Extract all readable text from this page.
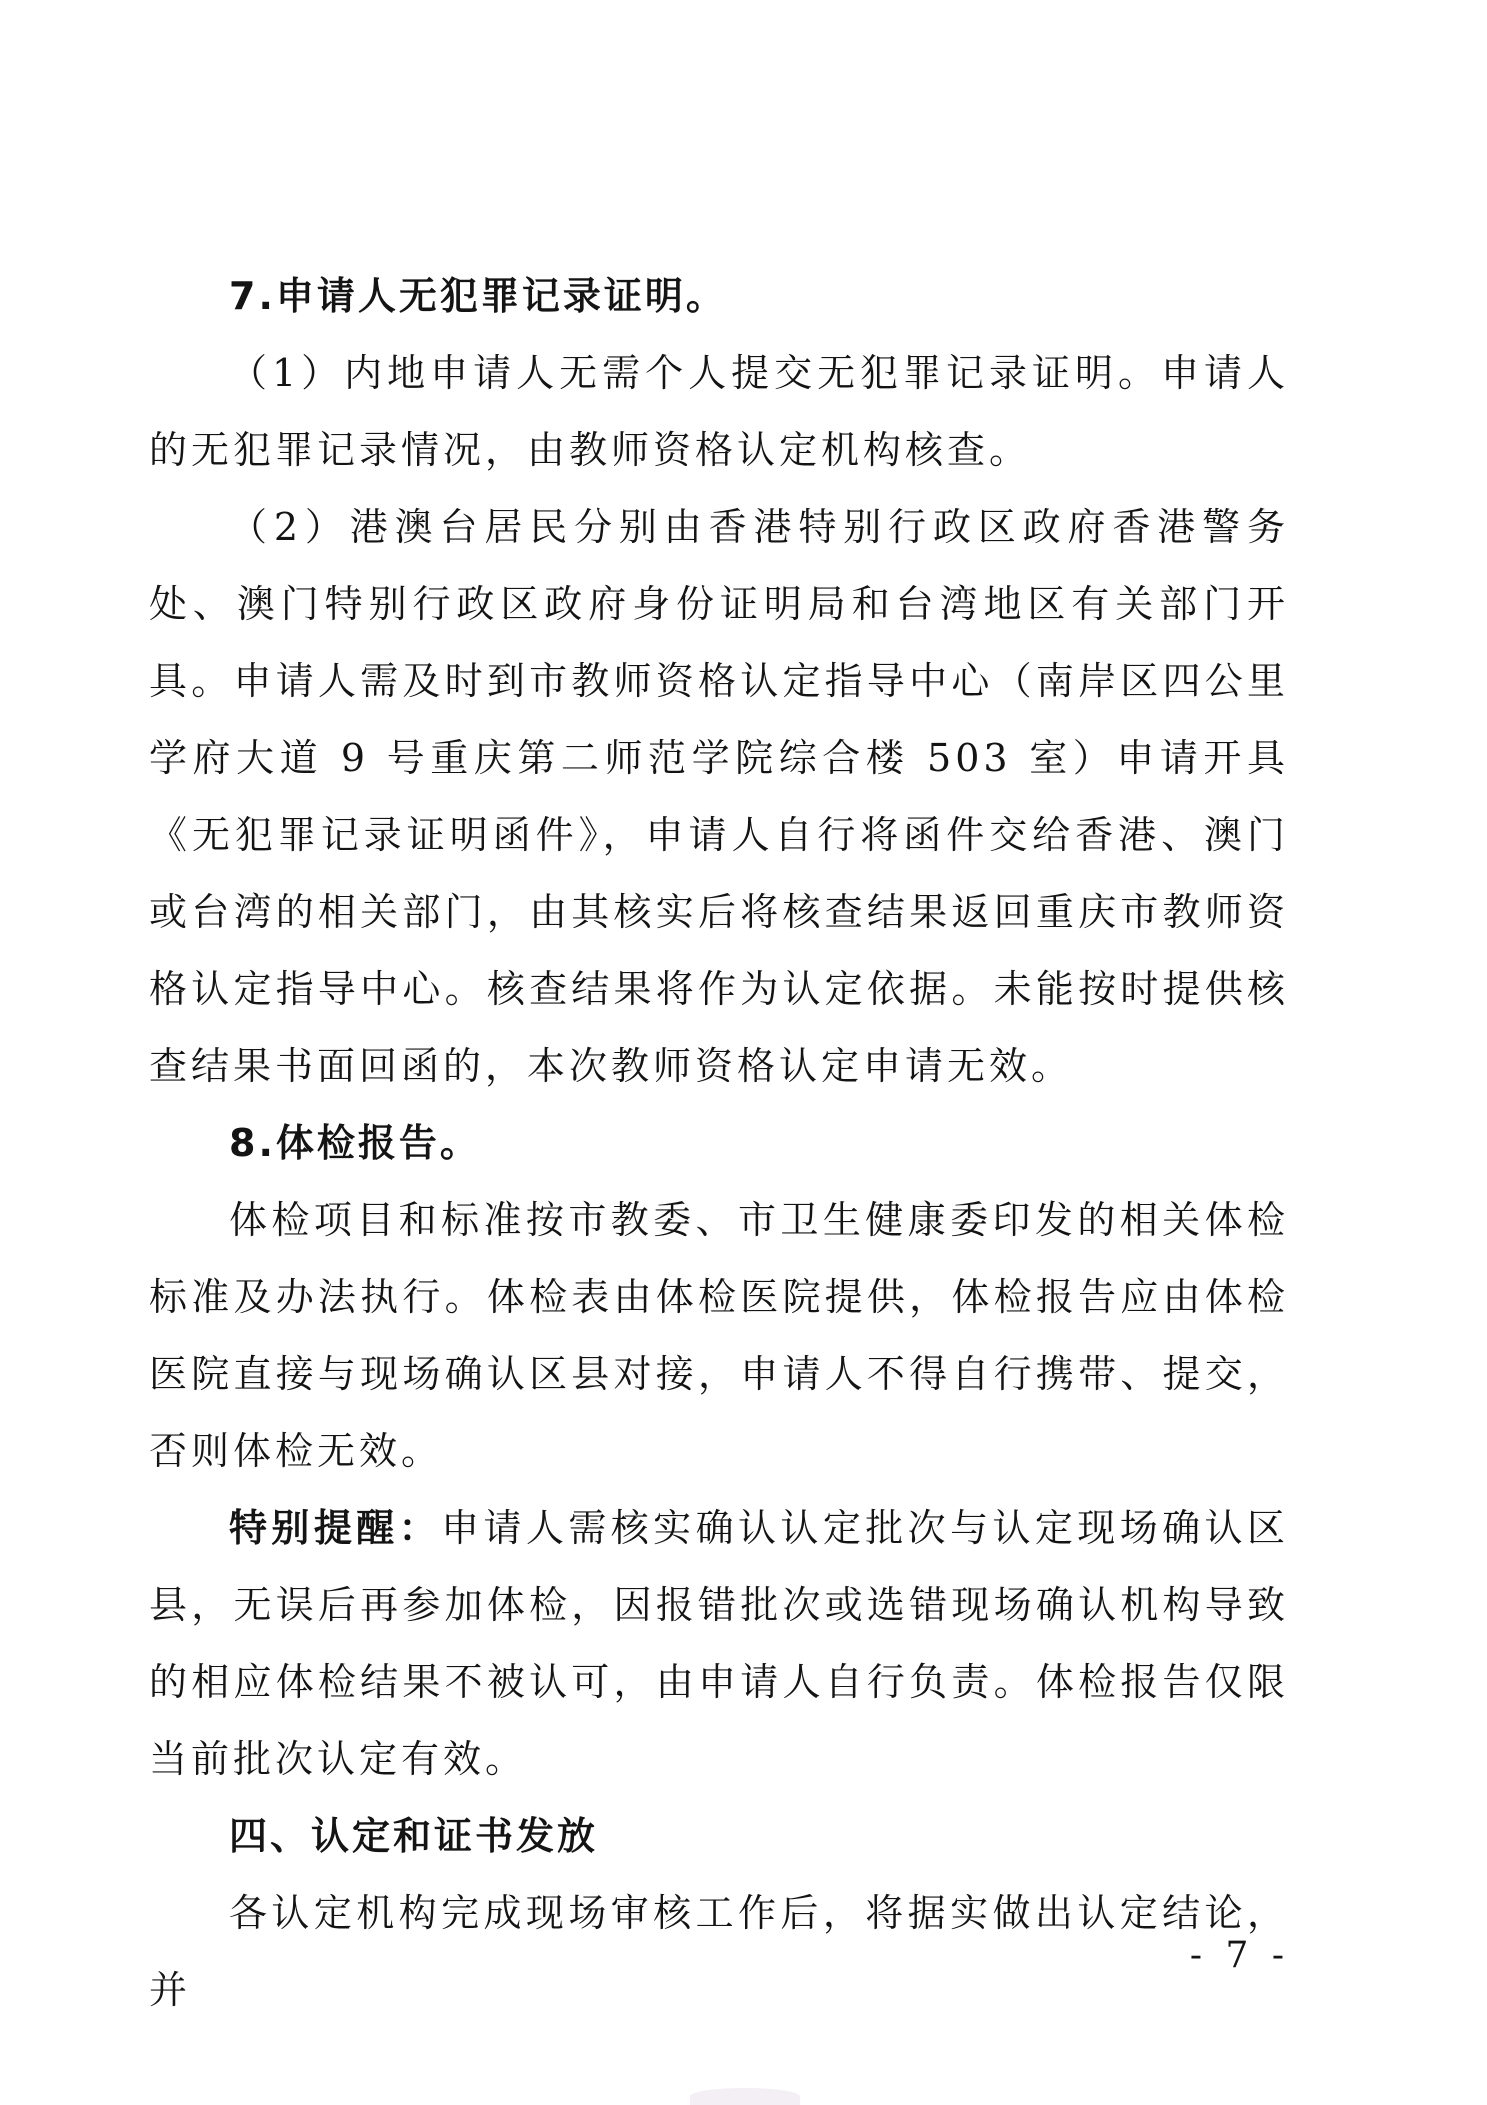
7.申请人无犯罪记录证明。

（1）内地申请人无需个人提交无犯罪记录证明。申请人的无犯罪记录情况，由教师资格认定机构核查。

（2）港澳台居民分别由香港特别行政区政府香港警务处、澳门特别行政区政府身份证明局和台湾地区有关部门开具。申请人需及时到市教师资格认定指导中心（南岸区四公里学府大道 9 号重庆第二师范学院综合楼 503 室）申请开具《无犯罪记录证明函件》，申请人自行将函件交给香港、澳门或台湾的相关部门，由其核实后将核查结果返回重庆市教师资格认定指导中心。核查结果将作为认定依据。未能按时提供核查结果书面回函的，本次教师资格认定申请无效。

8.体检报告。

体检项目和标准按市教委、市卫生健康委印发的相关体检标准及办法执行。体检表由体检医院提供，体检报告应由体检医院直接与现场确认区县对接，申请人不得自行携带、提交，否则体检无效。

特别提醒：申请人需核实确认认定批次与认定现场确认区县，无误后再参加体检，因报错批次或选错现场确认机构导致的相应体检结果不被认可，由申请人自行负责。体检报告仅限当前批次认定有效。

四、认定和证书发放

各认定机构完成现场审核工作后，将据实做出认定结论，并

- 7 -
